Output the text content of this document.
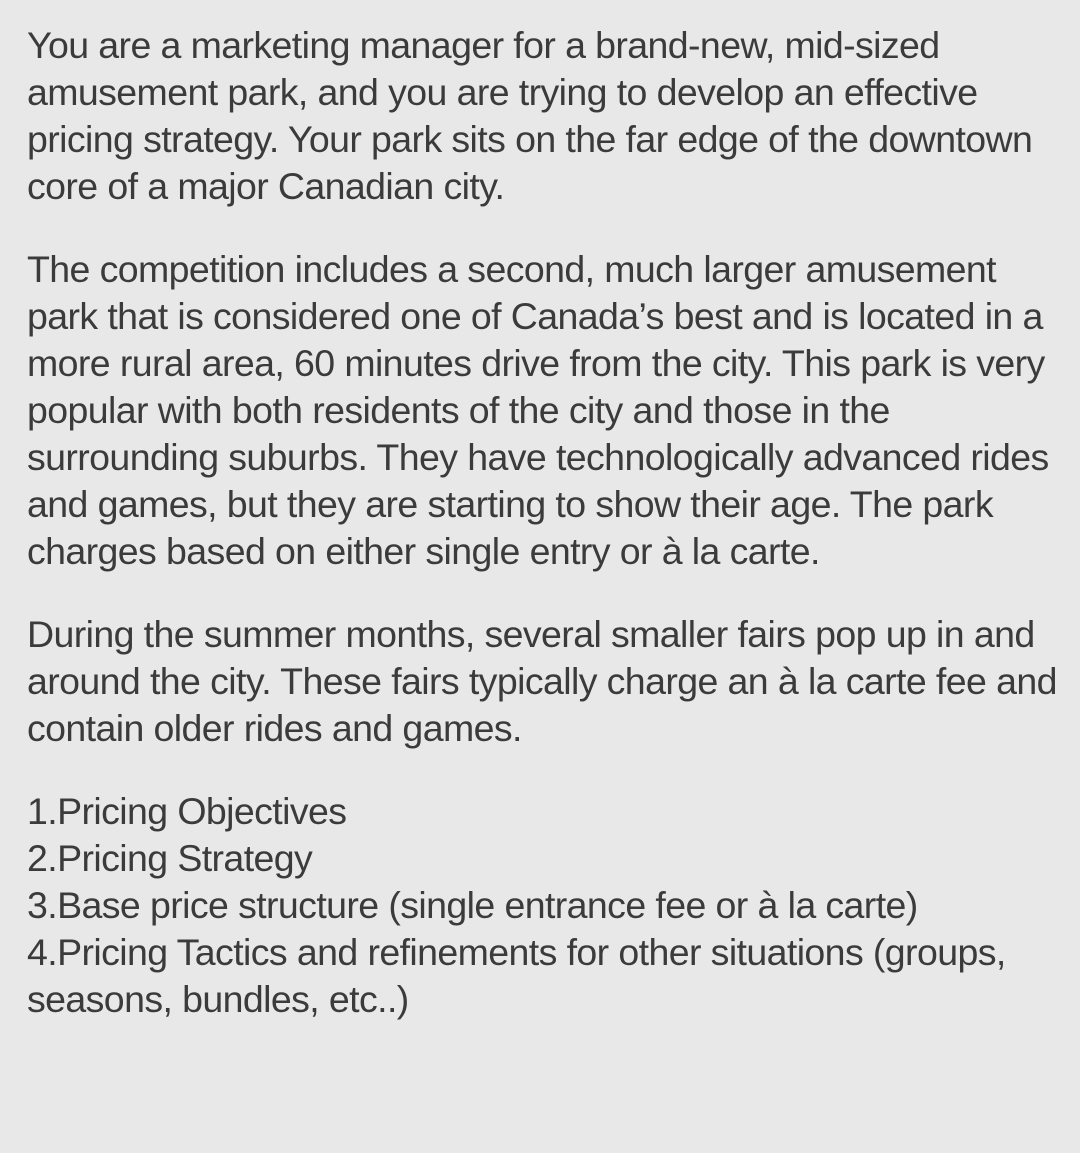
You are a marketing manager for a brand-new, mid-sized amusement park, and you are trying to develop an effective pricing strategy. Your park sits on the far edge of the downtown core of a major Canadian city.

The competition includes a second, much larger amusement park that is considered one of Canada’s best and is located in a more rural area, 60 minutes drive from the city. This park is very popular with both residents of the city and those in the surrounding suburbs. They have technologically advanced rides and games, but they are starting to show their age. The park charges based on either single entry or à la carte.

During the summer months, several smaller fairs pop up in and around the city. These fairs typically charge an à la carte fee and contain older rides and games.

1.Pricing Objectives
2.Pricing Strategy
3.Base price structure (single entrance fee or à la carte)
4.Pricing Tactics and refinements for other situations (groups, seasons, bundles, etc..)
